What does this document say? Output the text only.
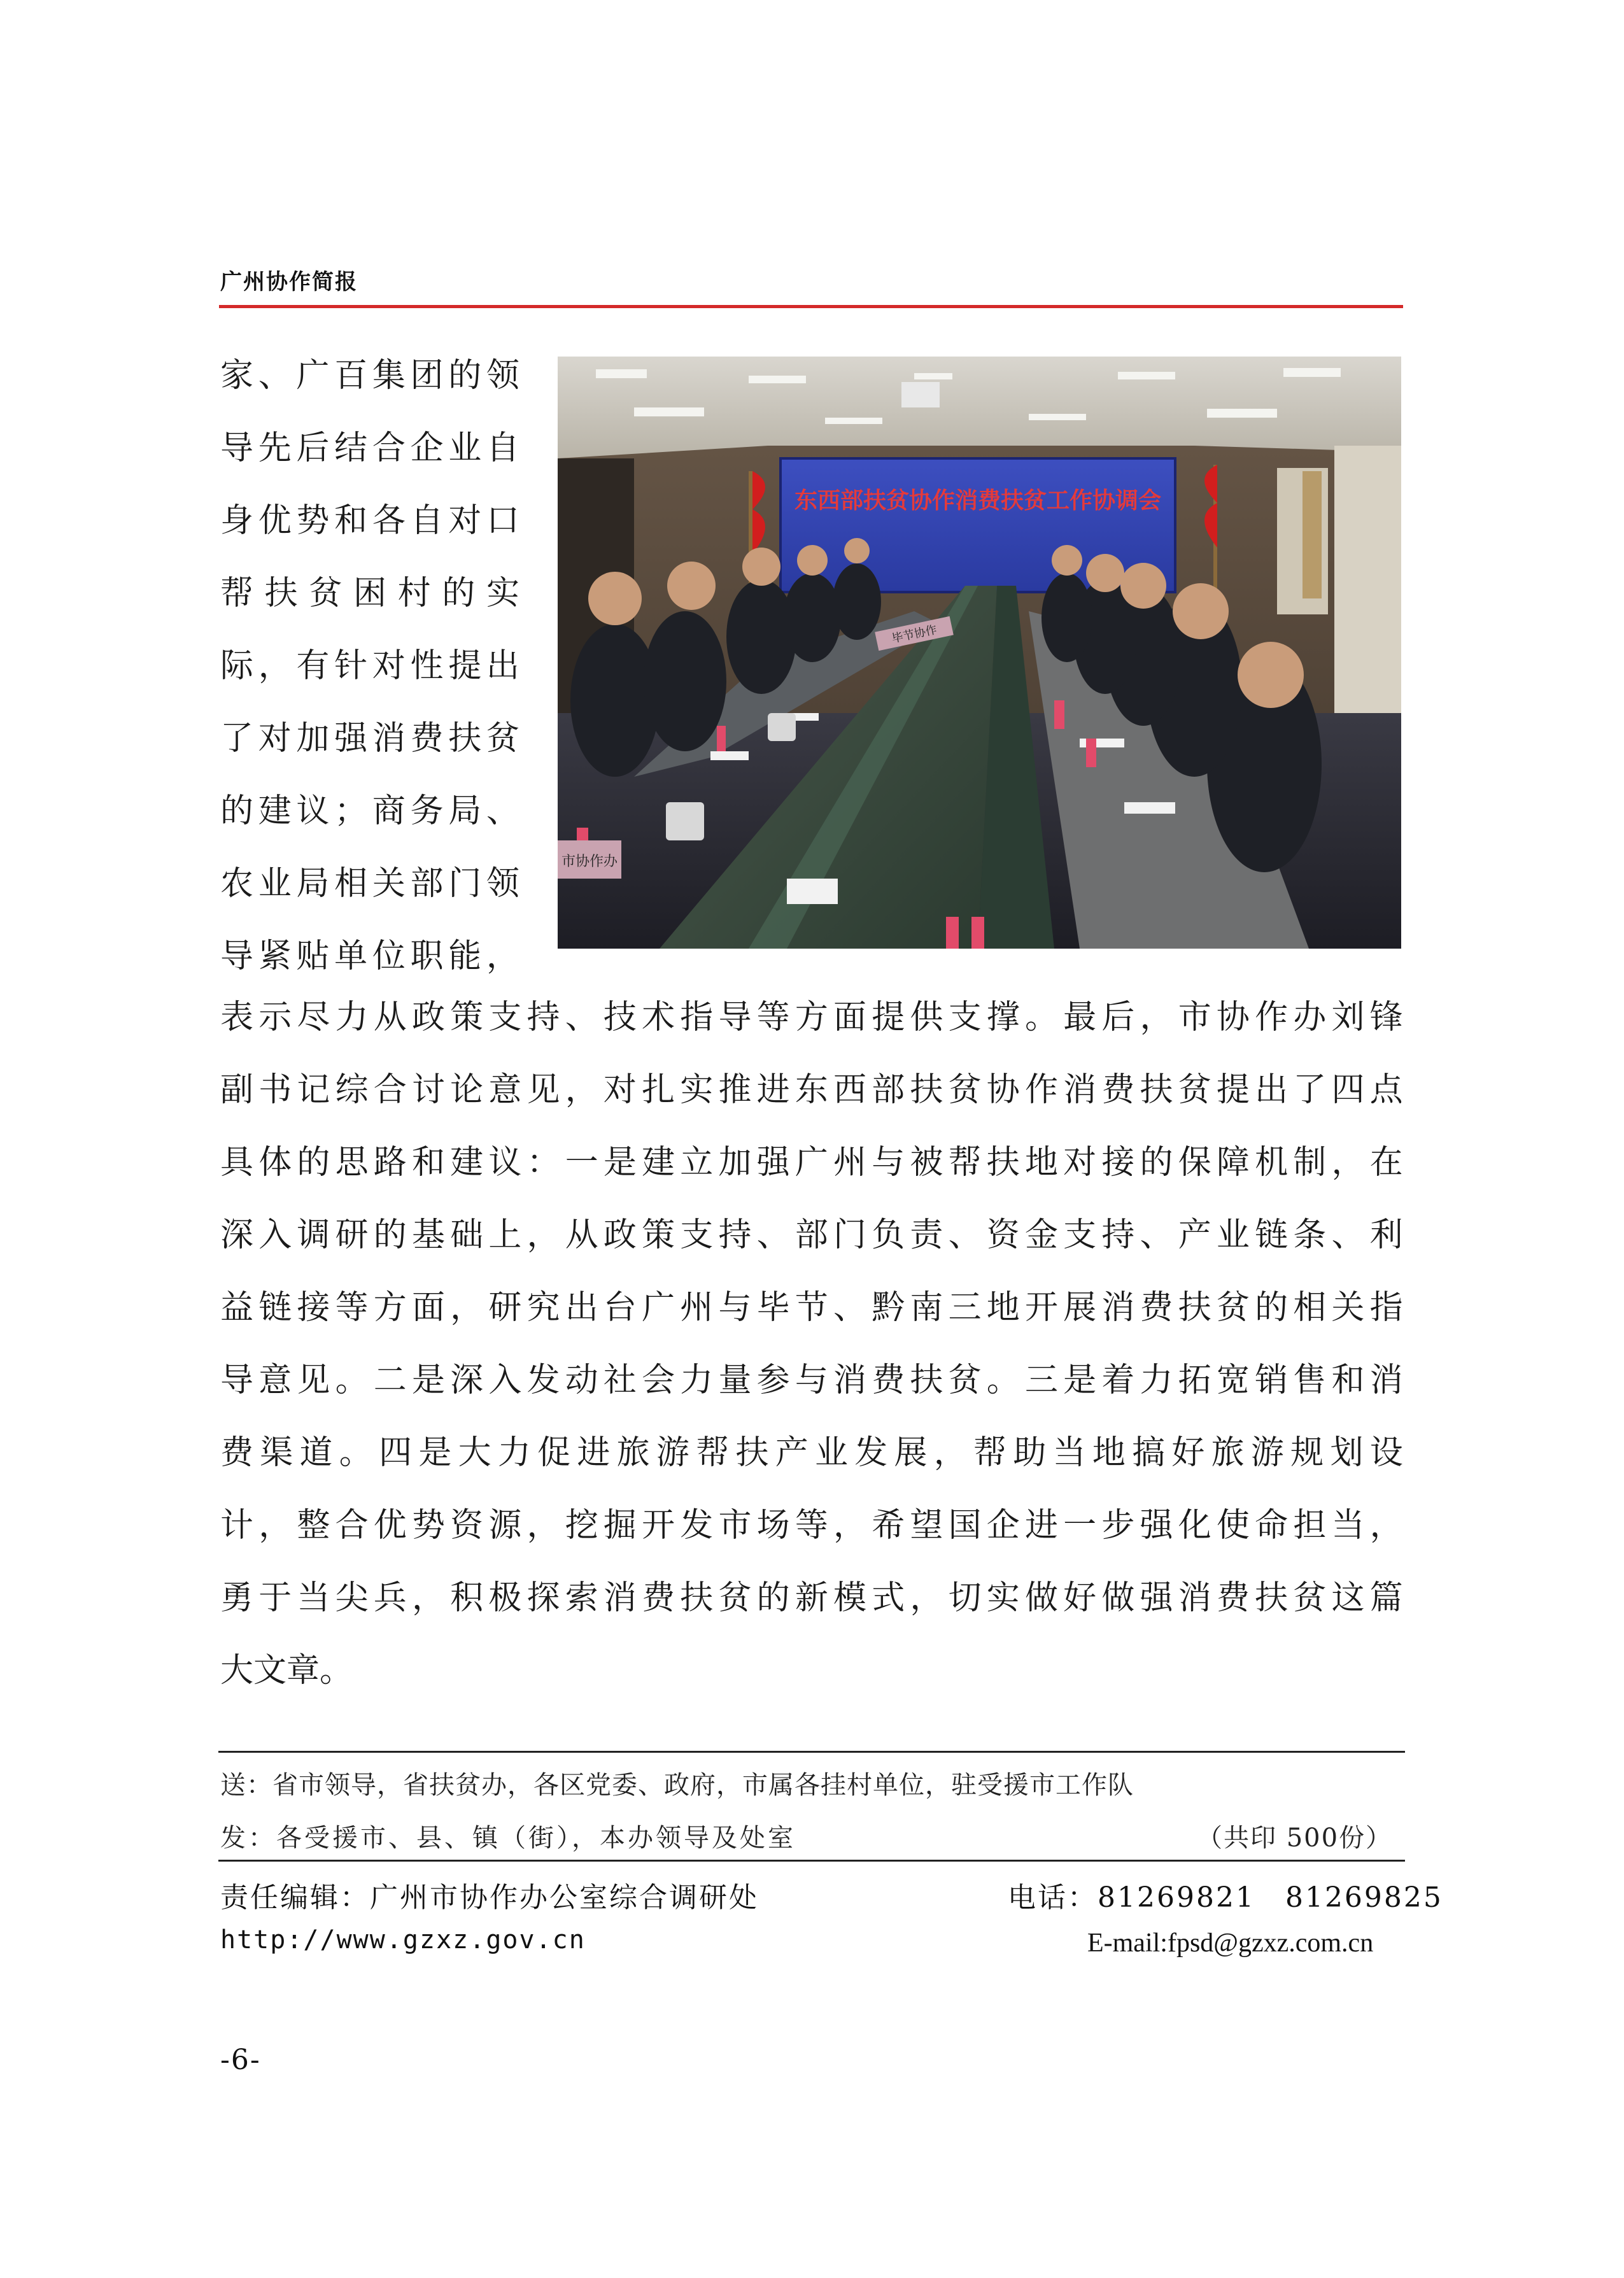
广州协作简报
家 、 广 百 集 团 的 领
导 先 后 结 合 企 业 自
身 优 势 和 各 自 对 口
帮 扶 贫 困 村 的 实
际 ， 有 针 对 性 提 出
了 对 加 强 消 费 扶 贫
的 建 议 ； 商 务 局 、
农 业 局 相 关 部 门 领
导 紧 贴 单 位 职 能 ，
东西部扶贫协作消费扶贫工作协调会
市协作办
毕节协作
表 示 尽 力 从 政 策 支 持 、 技 术 指 导 等 方 面 提 供 支 撑 。 最 后 ， 市 协 作 办 刘 锋
副 书 记 综 合 讨 论 意 见 ， 对 扎 实 推 进 东 西 部 扶 贫 协 作 消 费 扶 贫 提 出 了 四 点
具 体 的 思 路 和 建 议 ： 一 是 建 立 加 强 广 州 与 被 帮 扶 地 对 接 的 保 障 机 制 ， 在
深 入 调 研 的 基 础 上 ， 从 政 策 支 持 、 部 门 负 责 、 资 金 支 持 、 产 业 链 条 、 利
益 链 接 等 方 面 ， 研 究 出 台 广 州 与 毕 节 、 黔 南 三 地 开 展 消 费 扶 贫 的 相 关 指
导 意 见 。 二 是 深 入 发 动 社 会 力 量 参 与 消 费 扶 贫 。 三 是 着 力 拓 宽 销 售 和 消
费 渠 道 。 四 是 大 力 促 进 旅 游 帮 扶 产 业 发 展 ， 帮 助 当 地 搞 好 旅 游 规 划 设
计 ， 整 合 优 势 资 源 ， 挖 掘 开 发 市 场 等 ， 希 望 国 企 进 一 步 强 化 使 命 担 当 ，
勇 于 当 尖 兵 ， 积 极 探 索 消 费 扶 贫 的 新 模 式 ， 切 实 做 好 做 强 消 费 扶 贫 这 篇
大文章。
送：省市领导，省扶贫办，各区党委、政府，市属各挂村单位，驻受援市工作队
发：各受援市、县、镇（街），本办领导及处室	（共印 500份）
责任编辑：广州市协作办公室综合调研处	电话：81269821　81269825
http://www.gzxz.gov.cn	E-mail:fpsd@gzxz.com.cn
-6-
